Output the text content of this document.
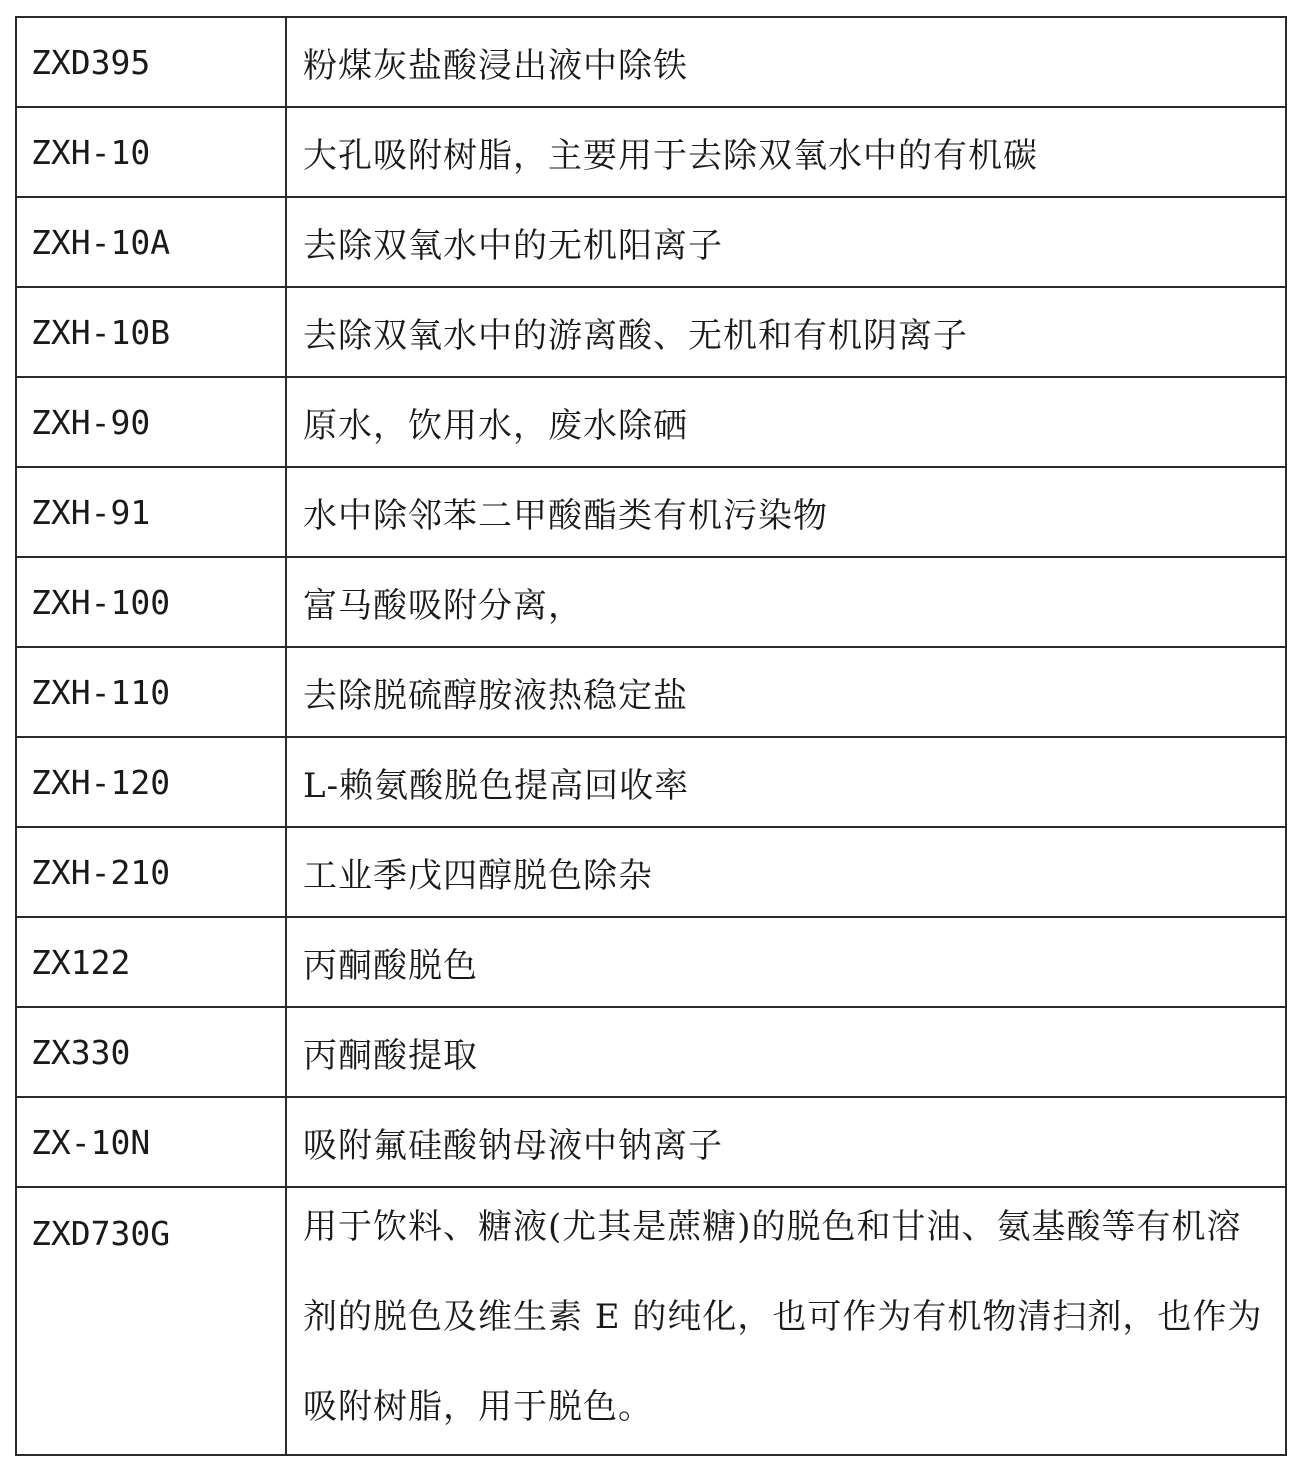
ZXD395	粉煤灰盐酸浸出液中除铁
ZXH-10	大孔吸附树脂，主要用于去除双氧水中的有机碳
ZXH-10A	去除双氧水中的无机阳离子
ZXH-10B	去除双氧水中的游离酸、无机和有机阴离子
ZXH-90	原水，饮用水，废水除硒
ZXH-91	水中除邻苯二甲酸酯类有机污染物
ZXH-100	富马酸吸附分离，
ZXH-110	去除脱硫醇胺液热稳定盐
ZXH-120	L-赖氨酸脱色提高回收率
ZXH-210	工业季戊四醇脱色除杂
ZX122	丙酮酸脱色
ZX330	丙酮酸提取
ZX-10N	吸附氟硅酸钠母液中钠离子
ZXD730G	用于饮料、糖液(尤其是蔗糖)的脱色和甘油、氨基酸等有机溶剂的脱色及维生素 E 的纯化，也可作为有机物清扫剂，也作为吸附树脂，用于脱色。
